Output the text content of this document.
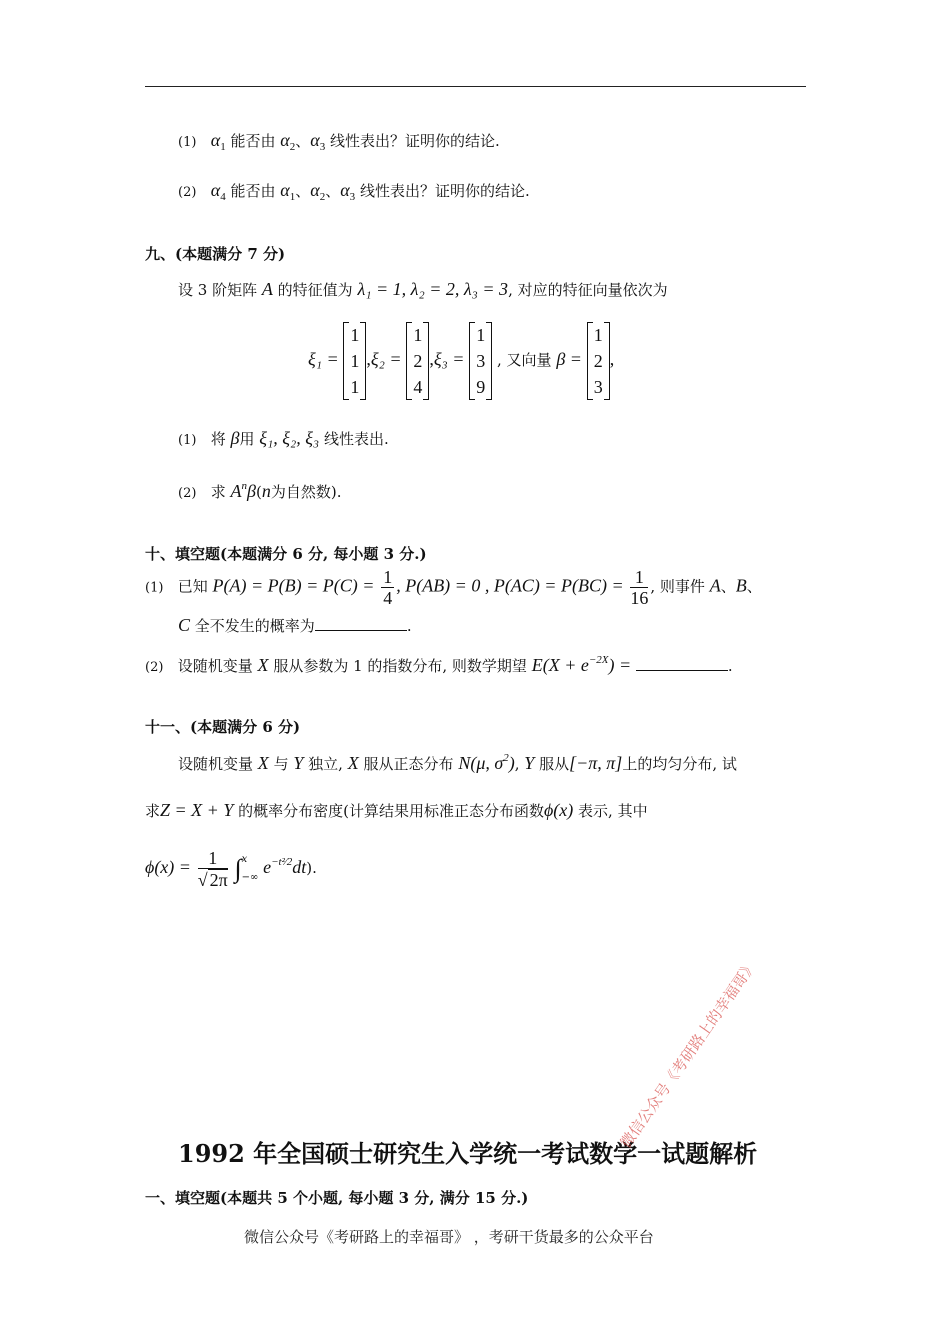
(1) $\alpha_1$ 能否由 $\alpha_2$、$\alpha_3$ 线性表出？证明你的结论.
(2) $\alpha_4$ 能否由 $\alpha_1$、$\alpha_2$、$\alpha_3$ 线性表出？证明你的结论.
九、(本题满分 7 分)
设 3 阶矩阵 A 的特征值为 λ₁ = 1, λ₂ = 2, λ₃ = 3, 对应的特征向量依次为
ξ₁ =
1
1
1
,ξ₂ =
1
2
4
,ξ₃ =
1
3
9
, 又向量 β =
1
2
3
,
(1) 将 β用 ξ₁, ξ₂, ξ₃ 线性表出.
(2) 求 $A^n\beta(n$为自然数).
十、填空题(本题满分 6 分, 每小题 3 分.)
(1) 已知 $P(A) = P(B) = P(C) = \frac{1}{4}$ , P(AB) = 0 , $P(AC) = P(BC) = \frac{1}{16}$ , 则事件 A、B、
C 全不发生的概率为	.
(2) 设随机变量 X 服从参数为 1 的指数分布, 则数学期望 $E(X + e^{-2X})$ =	.
十一、(本题满分 6 分)
设随机变量 X 与 Y 独立, X 服从正态分布 N(μ, $\sigma^2$), Y 服从[−π, π]上的均匀分布, 试
求Z = X + Y 的概率分布密度(计算结果用标准正态分布函数ϕ(x) 表示, 其中
$\phi(x) = \frac{1}{√ 2\pi}$ ∫ x
−∞
$e^{-t^2⁄2}dt$).
1992 年全国硕士研究生入学统一考试数学一试题解析
一、填空题(本题共 5 个小题, 每小题 3 分, 满分 15 分.)
微信公众号《考研路上的幸福哥》 ，考研干货最多的公众平台
微信公众号《考研路上的幸福哥》
